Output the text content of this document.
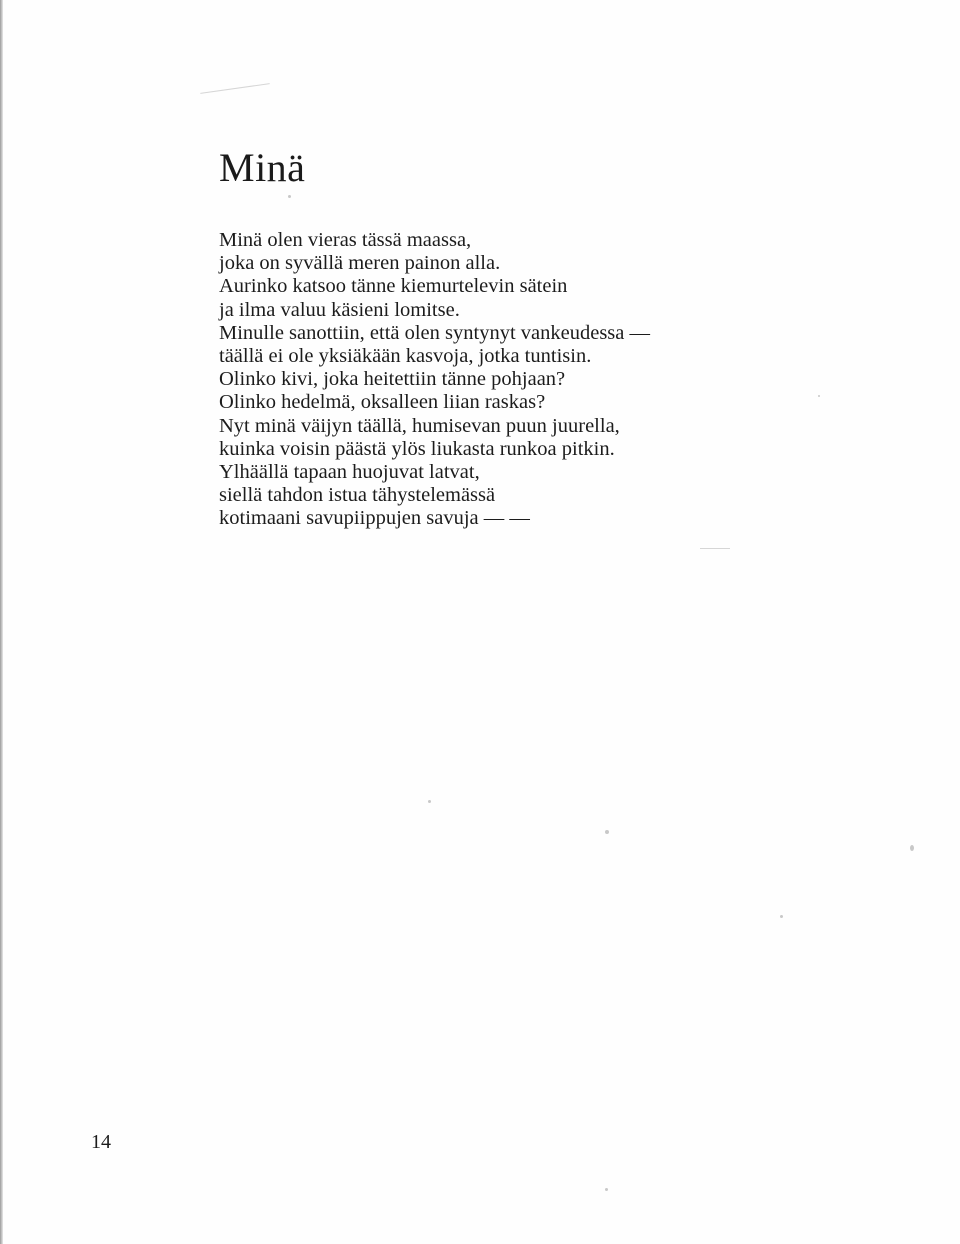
Minä
Minä olen vieras tässä maassa,
joka on syvällä meren painon alla.
Aurinko katsoo tänne kiemurtelevin sätein
ja ilma valuu käsieni lomitse.
Minulle sanottiin, että olen syntynyt vankeudessa —
täällä ei ole yksiäkään kasvoja, jotka tuntisin.
Olinko kivi, joka heitettiin tänne pohjaan?
Olinko hedelmä, oksalleen liian raskas?
Nyt minä väijyn täällä, humisevan puun juurella,
kuinka voisin päästä ylös liukasta runkoa pitkin.
Ylhäällä tapaan huojuvat latvat,
siellä tahdon istua tähystelemässä
kotimaani savupiippujen savuja — —
14
